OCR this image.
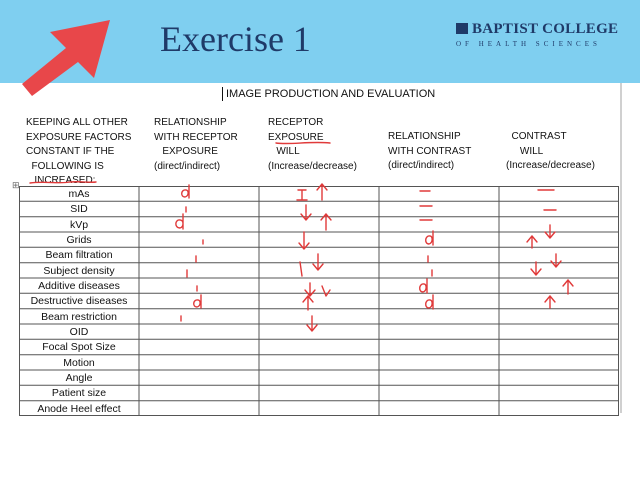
Exercise 1	BAPTIST COLLEGE
OF HEALTH SCIENCES
IMAGE PRODUCTION AND EVALUATION
KEEPING ALL OTHER
EXPOSURE FACTORS
CONSTANT IF THE
FOLLOWING IS
INCREASED:
RELATIONSHIP
WITH RECEPTOR
EXPOSURE
(direct/indirect)
RECEPTOR
EXPOSURE
WILL
(Increase/decrease)
RELATIONSHIP
WITH CONTRAST
(direct/indirect)
CONTRAST
WILL
(Increase/decrease)
⊞
mAs
SID
kVp
Grids
Beam filtration
Subject density
Additive diseases
Destructive diseases
Beam restriction
OID
Focal Spot Size
Motion
Angle
Patient size
Anode Heel effect
